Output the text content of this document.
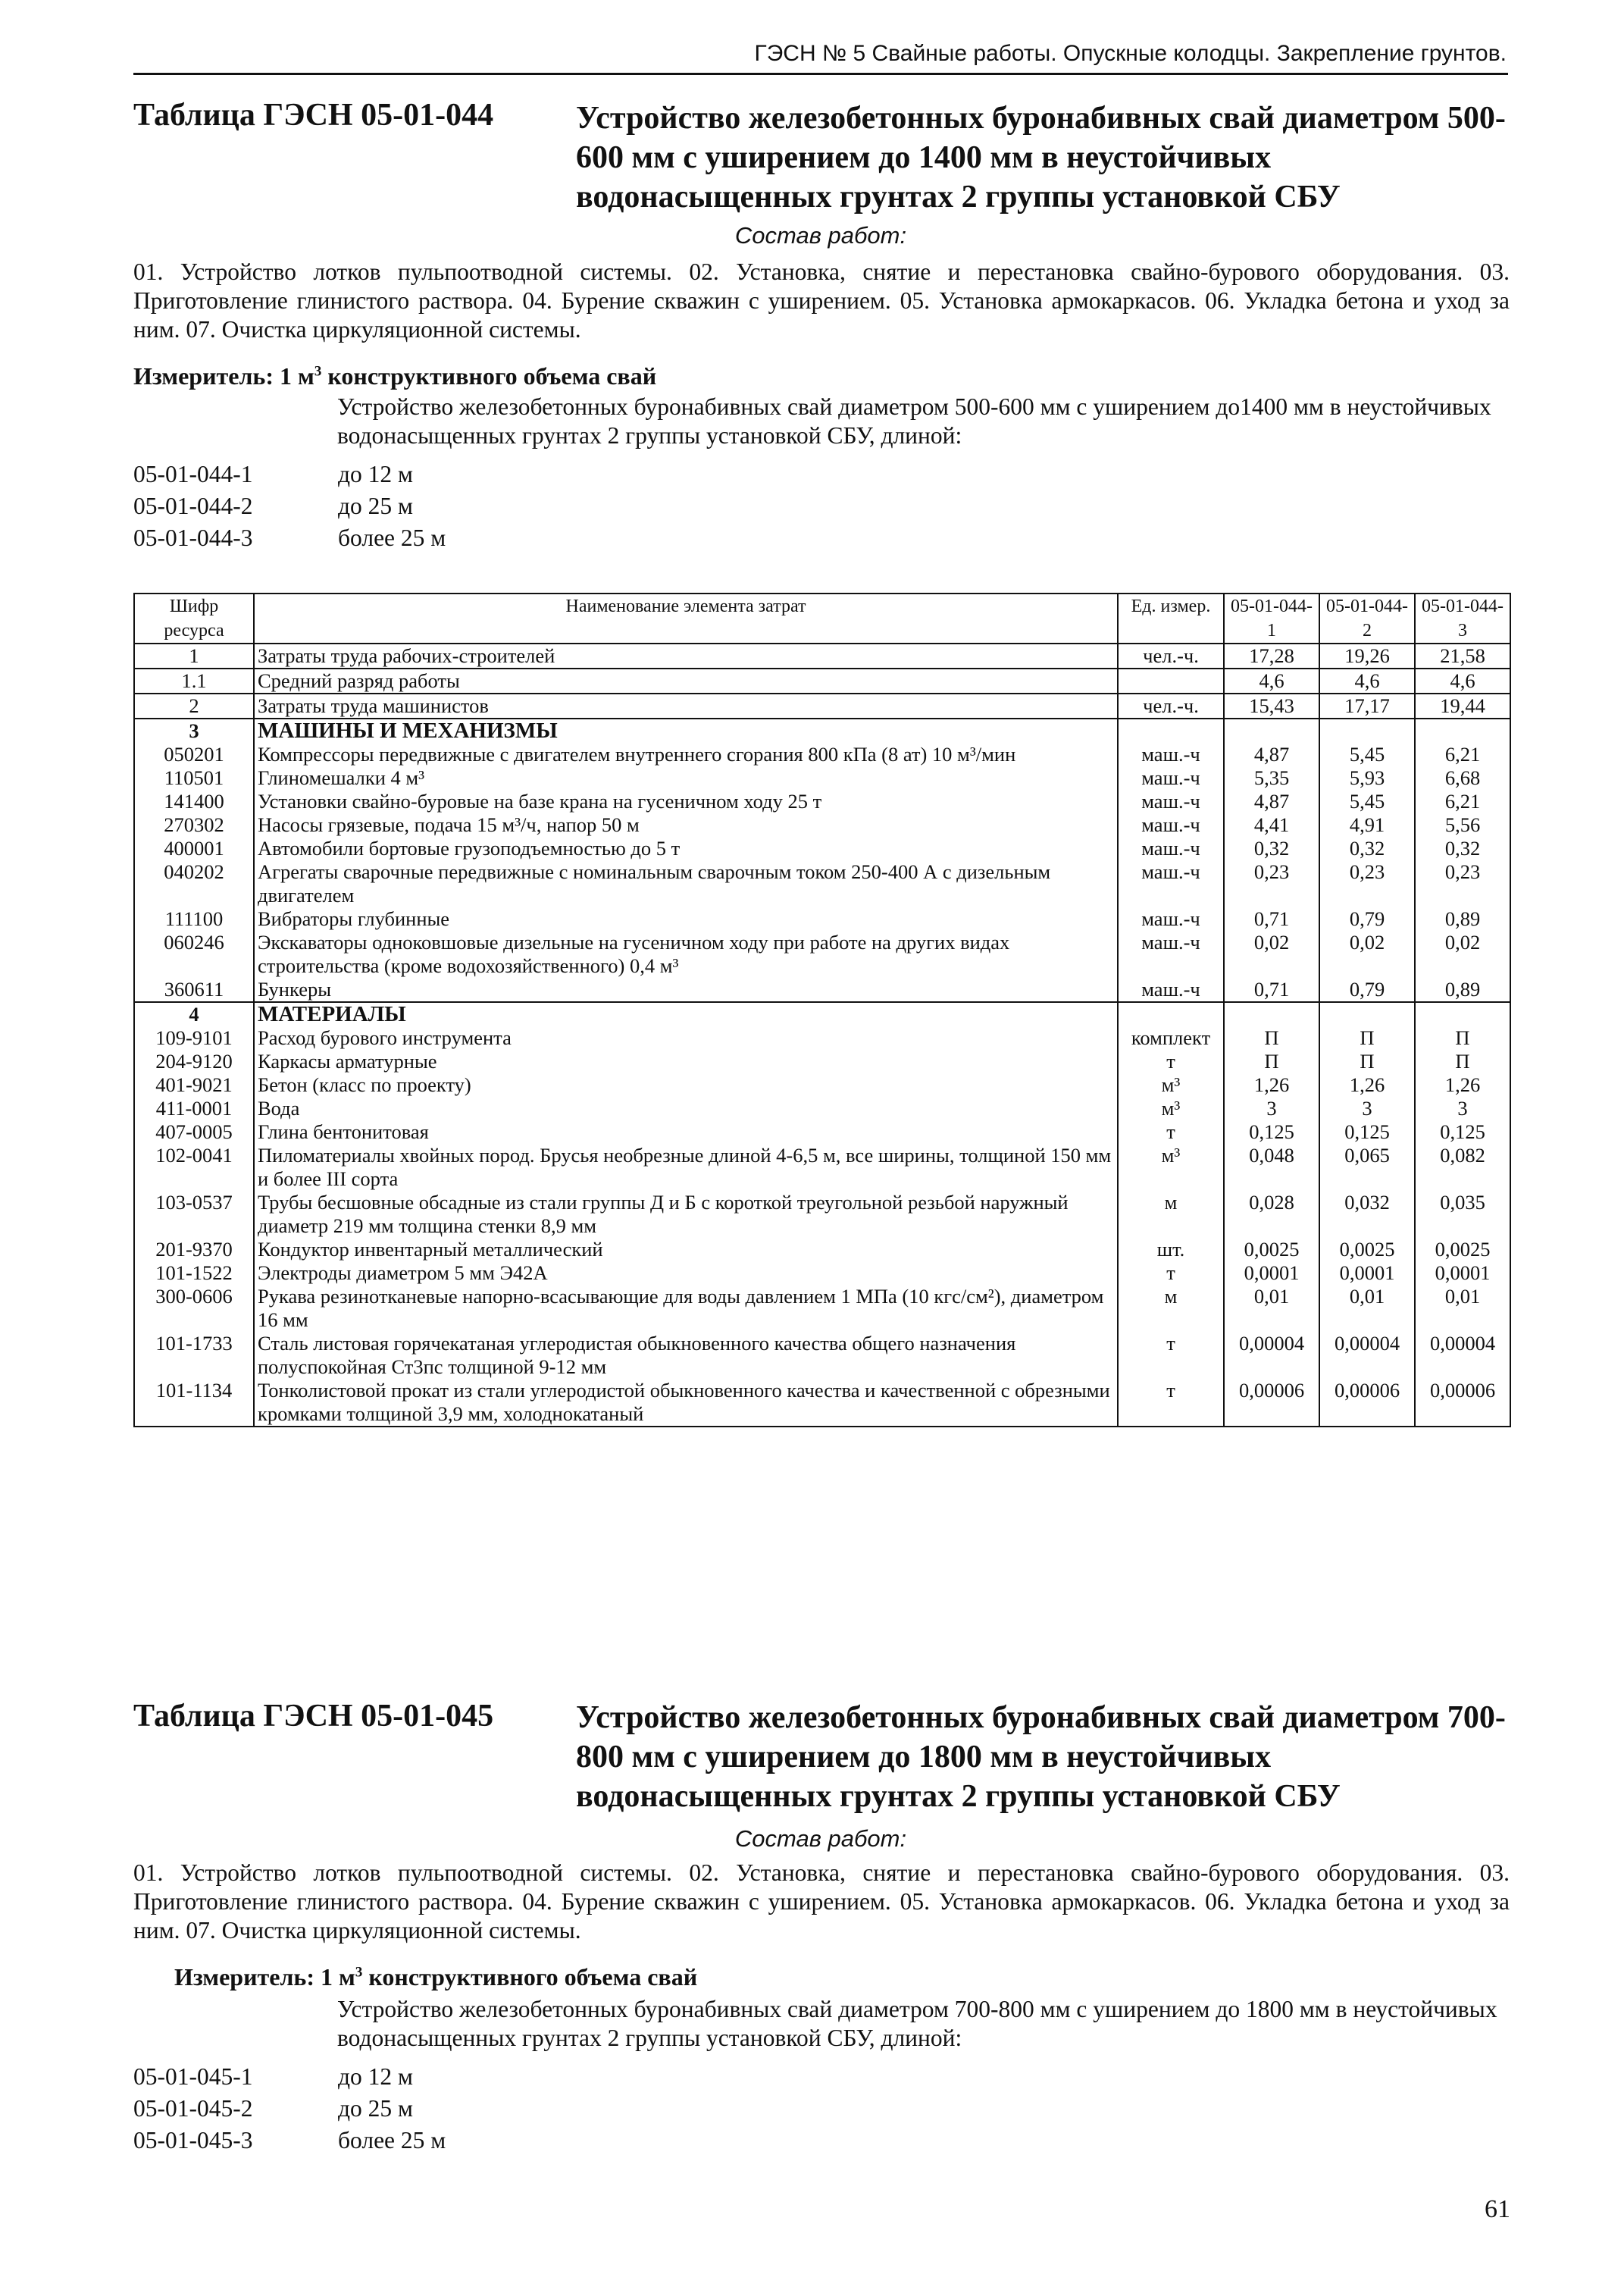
ГЭСН № 5 Свайные работы. Опускные колодцы. Закрепление грунтов.
Таблица ГЭСН 05-01-044	Устройство железобетонных буронабивных свай диаметром 500-600 мм с уширением до 1400 мм в неустойчивых водонасыщенных грунтах 2 группы установкой СБУ
Состав работ:
01. Устройство лотков пульпоотводной системы. 02. Установка, снятие и перестановка свайно-бурового оборудования. 03. Приготовление глинистого раствора. 04. Бурение скважин с уширением. 05. Установка армокаркасов. 06. Укладка бетона и уход за ним. 07. Очистка циркуляционной системы.
Измеритель: 1 $м^3$ конструктивного объема свай
Устройство железобетонных буронабивных свай диаметром 500-600 мм с уширением до1400 мм в неустойчивых водонасыщенных грунтах 2 группы установкой СБУ, длиной:
05-01-044-1	до 12 м
05-01-044-2	до 25 м
05-01-044-3	более 25 м
Шифр ресурса	Наименование элемента затрат	Ед. измер.	05-01-044-1	05-01-044-2	05-01-044-3
1	Затраты труда рабочих-строителей	чел.-ч.	17,28	19,26	21,58
1.1	Средний разряд работы		4,6	4,6	4,6
2	Затраты труда машинистов	чел.-ч.	15,43	17,17	19,44
3	МАШИНЫ И МЕХАНИЗМЫ				
050201	Компрессоры передвижные с двигателем внутреннего сгорания 800 кПа (8 ат) 10 м³/мин	маш.-ч	4,87	5,45	6,21
110501	Глиномешалки 4 м³	маш.-ч	5,35	5,93	6,68
141400	Установки свайно-буровые на базе крана на гусеничном ходу 25 т	маш.-ч	4,87	5,45	6,21
270302	Насосы грязевые, подача 15 м³/ч, напор 50 м	маш.-ч	4,41	4,91	5,56
400001	Автомобили бортовые грузоподъемностью до 5 т	маш.-ч	0,32	0,32	0,32
040202	Агрегаты сварочные передвижные с номинальным сварочным током 250-400 А с дизельным двигателем	маш.-ч	0,23	0,23	0,23
111100	Вибраторы глубинные	маш.-ч	0,71	0,79	0,89
060246	Экскаваторы одноковшовые дизельные на гусеничном ходу при работе на других видах строительства (кроме водохозяйственного) 0,4 м³	маш.-ч	0,02	0,02	0,02
360611	Бункеры	маш.-ч	0,71	0,79	0,89
4	МАТЕРИАЛЫ				
109-9101	Расход бурового инструмента	комплект	П	П	П
204-9120	Каркасы арматурные	т	П	П	П
401-9021	Бетон (класс по проекту)	м³	1,26	1,26	1,26
411-0001	Вода	м³	3	3	3
407-0005	Глина бентонитовая	т	0,125	0,125	0,125
102-0041	Пиломатериалы хвойных пород. Брусья необрезные длиной 4-6,5 м, все ширины, толщиной 150 мм и более III сорта	м³	0,048	0,065	0,082
103-0537	Трубы бесшовные обсадные из стали группы Д и Б с короткой треугольной резьбой наружный диаметр 219 мм толщина стенки 8,9 мм	м	0,028	0,032	0,035
201-9370	Кондуктор инвентарный металлический	шт.	0,0025	0,0025	0,0025
101-1522	Электроды диаметром 5 мм Э42А	т	0,0001	0,0001	0,0001
300-0606	Рукава резинотканевые напорно-всасывающие для воды давлением 1 МПа (10 кгс/см²), диаметром 16 мм	м	0,01	0,01	0,01
101-1733	Сталь листовая горячекатаная углеродистая обыкновенного качества общего назначения полуспокойная Ст3пс толщиной 9-12 мм	т	0,00004	0,00004	0,00004
101-1134	Тонколистовой прокат из стали углеродистой обыкновенного качества и качественной с обрезными кромками толщиной 3,9 мм, холоднокатаный	т	0,00006	0,00006	0,00006
Таблица ГЭСН 05-01-045	Устройство железобетонных буронабивных свай диаметром 700-800 мм с уширением до 1800 мм в неустойчивых водонасыщенных грунтах 2 группы установкой СБУ
Состав работ:
01. Устройство лотков пульпоотводной системы. 02. Установка, снятие и перестановка свайно-бурового оборудования. 03. Приготовление глинистого раствора. 04. Бурение скважин с уширением. 05. Установка армокаркасов. 06. Укладка бетона и уход за ним. 07. Очистка циркуляционной системы.
Измеритель: 1 $м^3$ конструктивного объема свай
Устройство железобетонных буронабивных свай диаметром 700-800 мм с уширением до 1800 мм в неустойчивых водонасыщенных грунтах 2 группы установкой СБУ, длиной:
05-01-045-1	до 12 м
05-01-045-2	до 25 м
05-01-045-3	более 25 м
61
